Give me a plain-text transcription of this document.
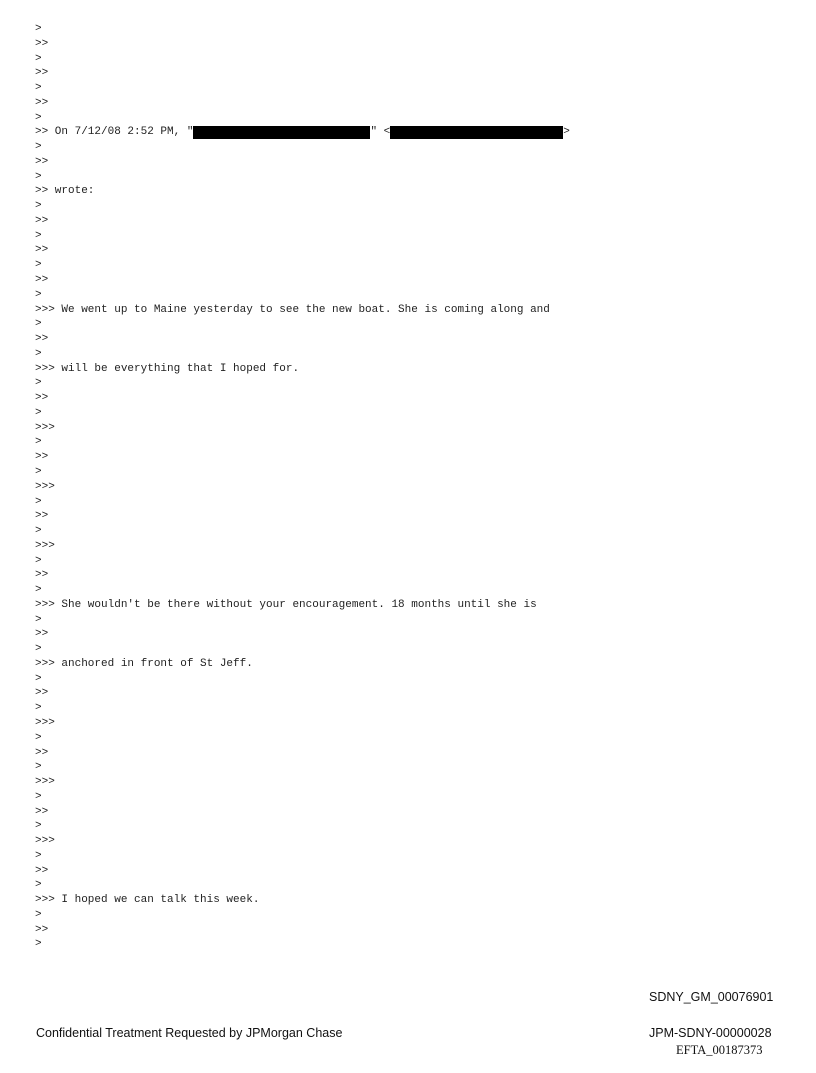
>
>>
>
>>
>
>>
>
>> On 7/12/08 2:52 PM, "	" <	>
>
>>
>
>> wrote:
>
>>
>
>>
>
>>
>
>>> We went up to Maine yesterday to see the new boat. She is coming along and
>
>>
>
>>> will be everything that I hoped for.
>
>>
>
>>>
>
>>
>
>>>
>
>>
>
>>>
>
>>
>
>>> She wouldn't be there without your encouragement. 18 months until she is
>
>>
>
>>> anchored in front of St Jeff.
>
>>
>
>>>
>
>>
>
>>>
>
>>
>
>>>
>
>>
>
>>> I hoped we can talk this week.
>
>>
>
SDNY_GM_00076901
Confidential Treatment Requested by JPMorgan Chase	JPM-SDNY-00000028
EFTA_00187373
